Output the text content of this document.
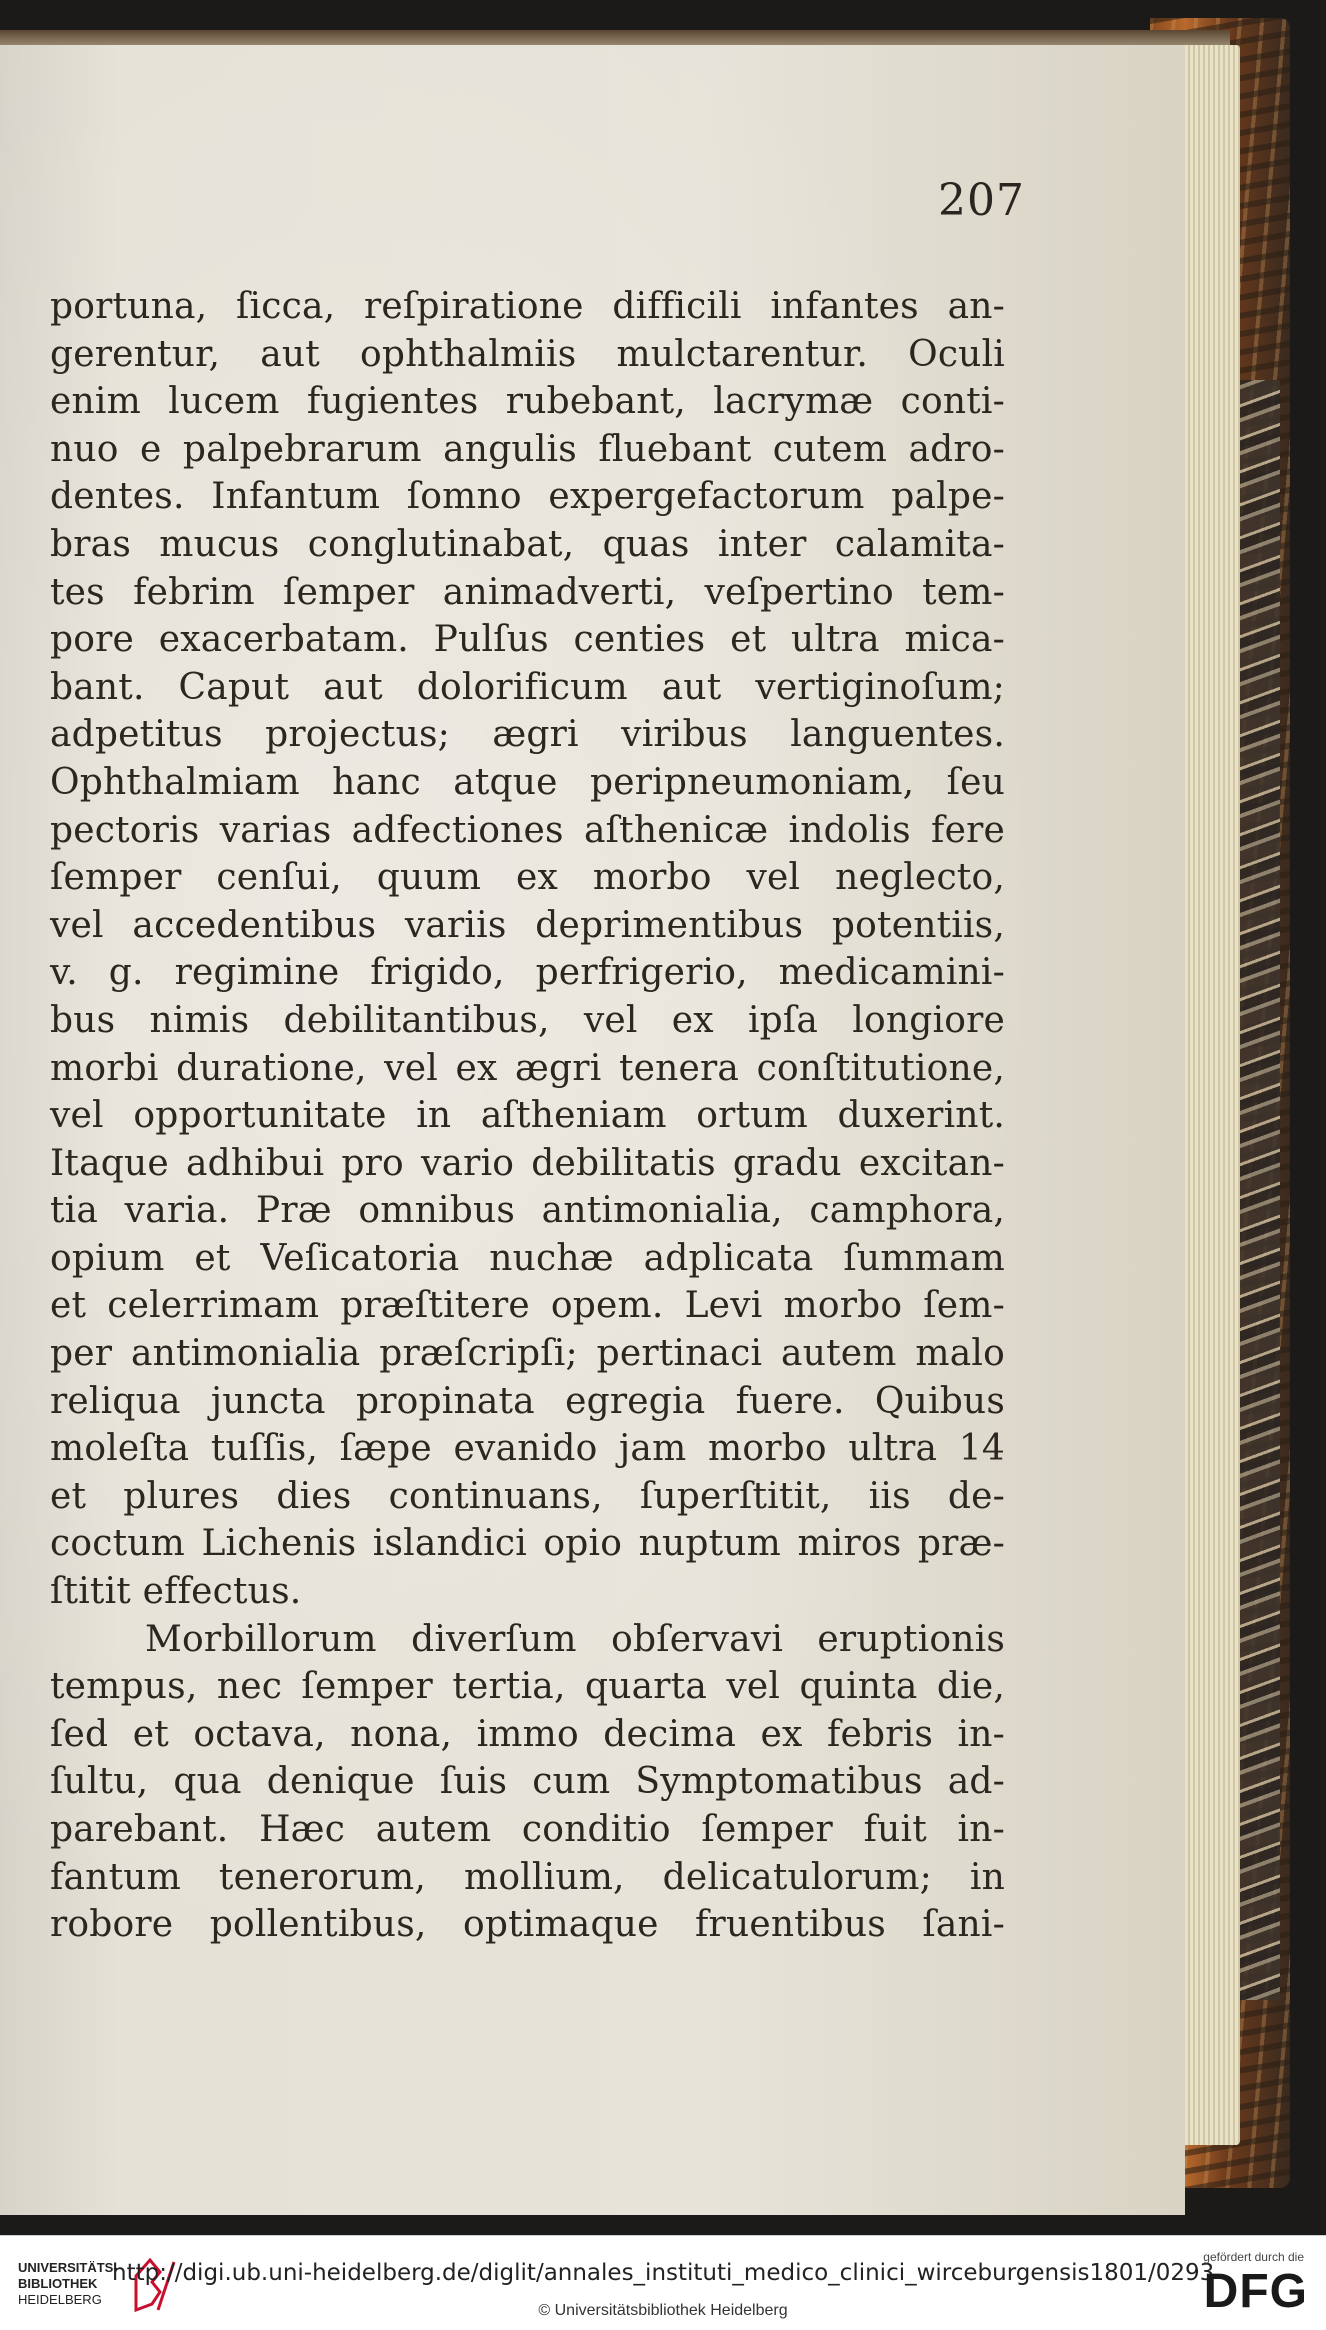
207
portuna, ſicca, reſpiratione difficili infantes an-
gerentur, aut ophthalmiis mulctarentur. Oculi
enim lucem fugientes rubebant, lacrymæ conti-
nuo e palpebrarum angulis fluebant cutem adro-
dentes. Infantum ſomno expergefactorum palpe-
bras mucus conglutinabat, quas inter calamita-
tes febrim ſemper animadverti, veſpertino tem-
pore exacerbatam. Pulſus centies et ultra mica-
bant. Caput aut dolorificum aut vertiginoſum;
adpetitus projectus; ægri viribus languentes.
Ophthalmiam hanc atque peripneumoniam, ſeu
pectoris varias adfectiones aſthenicæ indolis fere
ſemper cenſui, quum ex morbo vel neglecto,
vel accedentibus variis deprimentibus potentiis,
v. g. regimine frigido, perfrigerio, medicamini-
bus nimis debilitantibus, vel ex ipſa longiore
morbi duratione, vel ex ægri tenera conſtitutione,
vel opportunitate in aſtheniam ortum duxerint.
Itaque adhibui pro vario debilitatis gradu excitan-
tia varia. Præ omnibus antimonialia, camphora,
opium et Veſicatoria nuchæ adplicata ſummam
et celerrimam præſtitere opem. Levi morbo ſem-
per antimonialia præſcripſi; pertinaci autem malo
reliqua juncta propinata egregia fuere. Quibus
moleſta tuſſis, ſæpe evanido jam morbo ultra 14
et plures dies continuans, ſuperſtitit, iis de-
coctum Lichenis islandici opio nuptum miros præ-
ſtitit effectus.
Morbillorum diverſum obſervavi eruptionis
tempus, nec ſemper tertia, quarta vel quinta die,
ſed et octava, nona, immo decima ex febris in-
ſultu, qua denique ſuis cum Symptomatibus ad-
parebant. Hæc autem conditio ſemper fuit in-
fantum tenerorum, mollium, delicatulorum; in
robore pollentibus, optimaque fruentibus ſani-
UNIVERSITÄTS-
BIBLIOTHEK
HEIDELBERG
http://digi.ub.uni-heidelberg.de/diglit/annales_instituti_medico_clinici_wirceburgensis1801/0293
© Universitätsbibliothek Heidelberg
gefördert durch die
DFG
